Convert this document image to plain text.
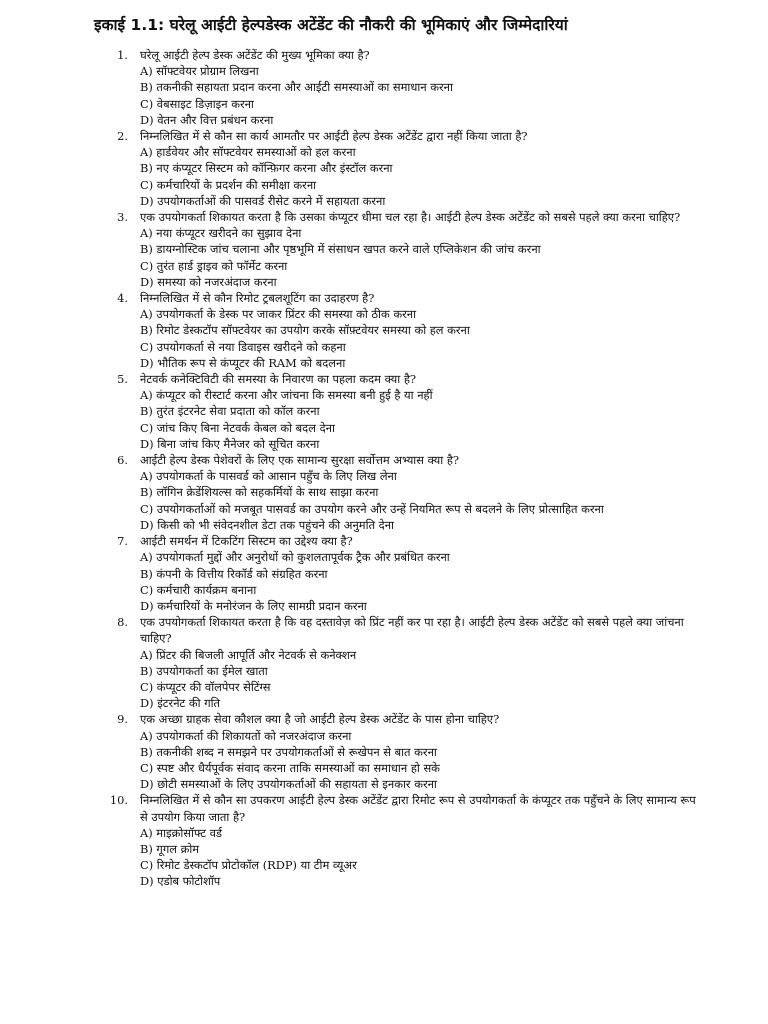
इकाई 1.1: घरेलू आईटी हेल्पडेस्क अटेंडेंट की नौकरी की भूमिकाएं और जिम्मेदारियां
1. घरेलू आईटी हेल्प डेस्क अटेंडेंट की मुख्य भूमिका क्या है?
A) सॉफ्टवेयर प्रोग्राम लिखना
B) तकनीकी सहायता प्रदान करना और आईटी समस्याओं का समाधान करना
C) वेबसाइट डिज़ाइन करना
D) वेतन और वित्त प्रबंधन करना
2. निम्नलिखित में से कौन सा कार्य आमतौर पर आईटी हेल्प डेस्क अटेंडेंट द्वारा नहीं किया जाता है?
A) हार्डवेयर और सॉफ्टवेयर समस्याओं को हल करना
B) नए कंप्यूटर सिस्टम को कॉन्फ़िगर करना और इंस्टॉल करना
C) कर्मचारियों के प्रदर्शन की समीक्षा करना
D) उपयोगकर्ताओं की पासवर्ड रीसेट करने में सहायता करना
3. एक उपयोगकर्ता शिकायत करता है कि उसका कंप्यूटर धीमा चल रहा है। आईटी हेल्प डेस्क अटेंडेंट को सबसे पहले क्या करना चाहिए?
A) नया कंप्यूटर खरीदने का सुझाव देना
B) डायग्नोस्टिक जांच चलाना और पृष्ठभूमि में संसाधन खपत करने वाले एप्लिकेशन की जांच करना
C) तुरंत हार्ड ड्राइव को फॉर्मेट करना
D) समस्या को नजरअंदाज करना
4. निम्नलिखित में से कौन रिमोट ट्रबलशूटिंग का उदाहरण है?
A) उपयोगकर्ता के डेस्क पर जाकर प्रिंटर की समस्या को ठीक करना
B) रिमोट डेस्कटॉप सॉफ्टवेयर का उपयोग करके सॉफ़्टवेयर समस्या को हल करना
C) उपयोगकर्ता से नया डिवाइस खरीदने को कहना
D) भौतिक रूप से कंप्यूटर की RAM को बदलना
5. नेटवर्क कनेक्टिविटी की समस्या के निवारण का पहला कदम क्या है?
A) कंप्यूटर को रीस्टार्ट करना और जांचना कि समस्या बनी हुई है या नहीं
B) तुरंत इंटरनेट सेवा प्रदाता को कॉल करना
C) जांच किए बिना नेटवर्क केबल को बदल देना
D) बिना जांच किए मैनेजर को सूचित करना
6. आईटी हेल्प डेस्क पेशेवरों के लिए एक सामान्य सुरक्षा सर्वोत्तम अभ्यास क्या है?
A) उपयोगकर्ता के पासवर्ड को आसान पहुँच के लिए लिख लेना
B) लॉगिन क्रेडेंशियल्स को सहकर्मियों के साथ साझा करना
C) उपयोगकर्ताओं को मजबूत पासवर्ड का उपयोग करने और उन्हें नियमित रूप से बदलने के लिए प्रोत्साहित करना
D) किसी को भी संवेदनशील डेटा तक पहुंचने की अनुमति देना
7. आईटी समर्थन में टिकटिंग सिस्टम का उद्देश्य क्या है?
A) उपयोगकर्ता मुद्दों और अनुरोधों को कुशलतापूर्वक ट्रैक और प्रबंधित करना
B) कंपनी के वित्तीय रिकॉर्ड को संग्रहित करना
C) कर्मचारी कार्यक्रम बनाना
D) कर्मचारियों के मनोरंजन के लिए सामग्री प्रदान करना
8. एक उपयोगकर्ता शिकायत करता है कि वह दस्तावेज़ को प्रिंट नहीं कर पा रहा है। आईटी हेल्प डेस्क अटेंडेंट को सबसे पहले क्या जांचना चाहिए?
A) प्रिंटर की बिजली आपूर्ति और नेटवर्क से कनेक्शन
B) उपयोगकर्ता का ईमेल खाता
C) कंप्यूटर की वॉलपेपर सेटिंग्स
D) इंटरनेट की गति
9. एक अच्छा ग्राहक सेवा कौशल क्या है जो आईटी हेल्प डेस्क अटेंडेंट के पास होना चाहिए?
A) उपयोगकर्ता की शिकायतों को नजरअंदाज करना
B) तकनीकी शब्द न समझने पर उपयोगकर्ताओं से रूखेपन से बात करना
C) स्पष्ट और धैर्यपूर्वक संवाद करना ताकि समस्याओं का समाधान हो सके
D) छोटी समस्याओं के लिए उपयोगकर्ताओं की सहायता से इनकार करना
10. निम्नलिखित में से कौन सा उपकरण आईटी हेल्प डेस्क अटेंडेंट द्वारा रिमोट रूप से उपयोगकर्ता के कंप्यूटर तक पहुँचने के लिए सामान्य रूप से उपयोग किया जाता है?
A) माइक्रोसॉफ्ट वर्ड
B) गूगल क्रोम
C) रिमोट डेस्कटॉप प्रोटोकॉल (RDP) या टीम व्यूअर
D) एडोब फोटोशॉप
